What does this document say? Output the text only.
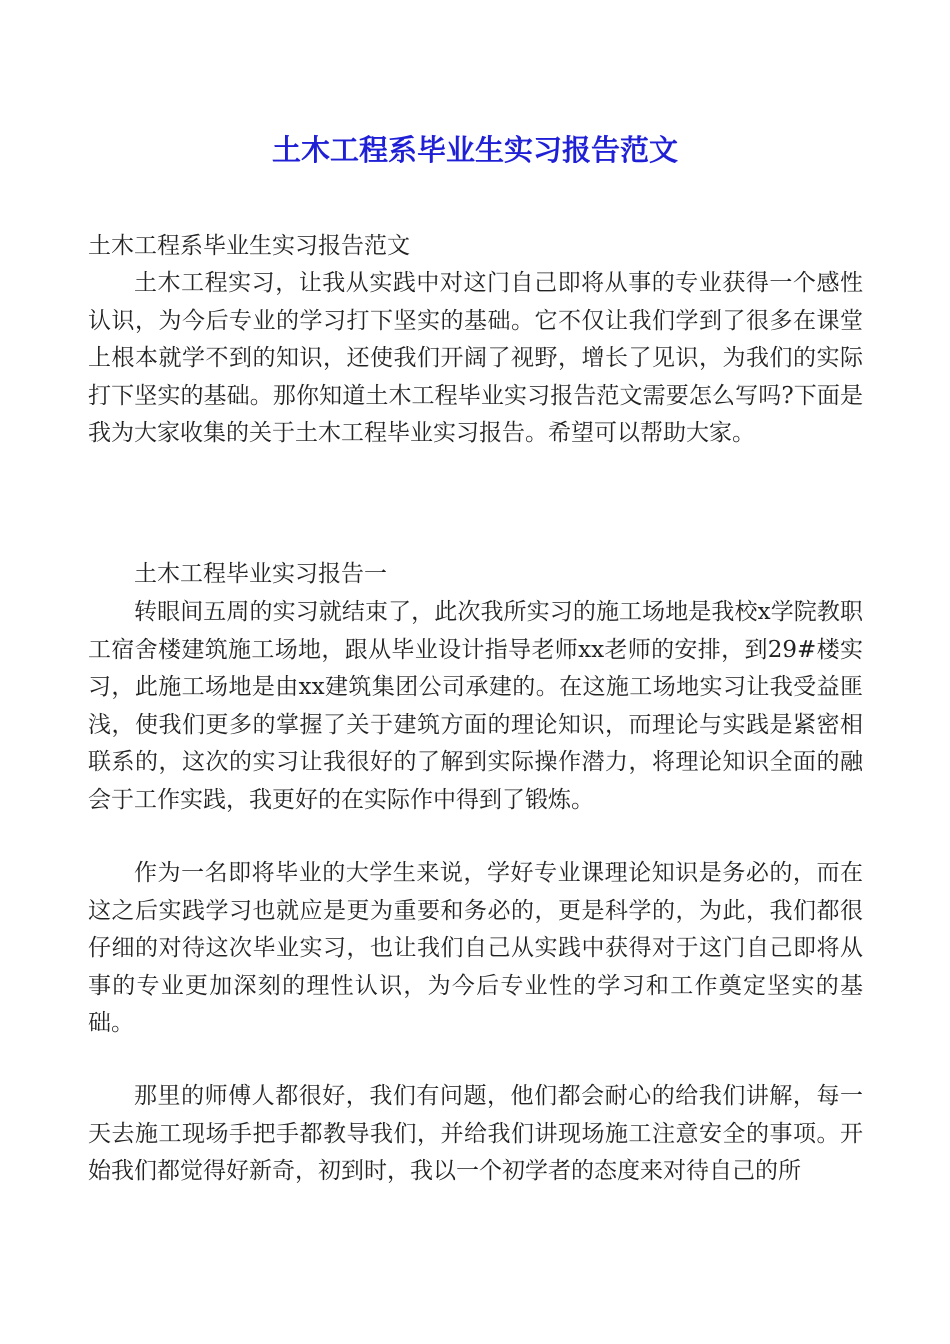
土木工程系毕业生实习报告范文

土木工程系毕业生实习报告范文

土木工程实习，让我从实践中对这门自己即将从事的专业获得一个感性认识，为今后专业的学习打下坚实的基础。它不仅让我们学到了很多在课堂上根本就学不到的知识，还使我们开阔了视野，增长了见识，为我们的实际打下坚实的基础。那你知道土木工程毕业实习报告范文需要怎么写吗?下面是我为大家收集的关于土木工程毕业实习报告。希望可以帮助大家。

土木工程毕业实习报告一

转眼间五周的实习就结束了，此次我所实习的施工场地是我校x学院教职工宿舍楼建筑施工场地，跟从毕业设计指导老师xx老师的安排，到29#楼实习，此施工场地是由xx建筑集团公司承建的。在这施工场地实习让我受益匪浅，使我们更多的掌握了关于建筑方面的理论知识，而理论与实践是紧密相联系的，这次的实习让我很好的了解到实际操作潜力，将理论知识全面的融会于工作实践，我更好的在实际作中得到了锻炼。

作为一名即将毕业的大学生来说，学好专业课理论知识是务必的，而在这之后实践学习也就应是更为重要和务必的，更是科学的，为此，我们都很仔细的对待这次毕业实习，也让我们自己从实践中获得对于这门自己即将从事的专业更加深刻的理性认识，为今后专业性的学习和工作奠定坚实的基础。

那里的师傅人都很好，我们有问题，他们都会耐心的给我们讲解，每一天去施工现场手把手都教导我们，并给我们讲现场施工注意安全的事项。开始我们都觉得好新奇，初到时，我以一个初学者的态度来对待自己的所
